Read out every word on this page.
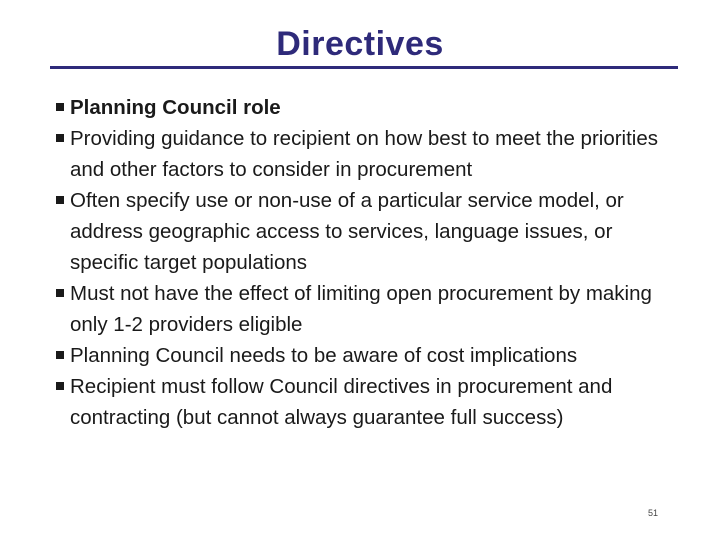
Directives
Planning Council role
Providing guidance to recipient on how best to meet the priorities and other factors to consider in procurement
Often specify use or non-use of a particular service model, or address geographic access to services, language issues, or specific target populations
Must not have the effect of limiting open procurement by making only 1-2 providers eligible
Planning Council needs to be aware of cost implications
Recipient must follow Council directives in procurement and contracting (but cannot always guarantee full success)
51
